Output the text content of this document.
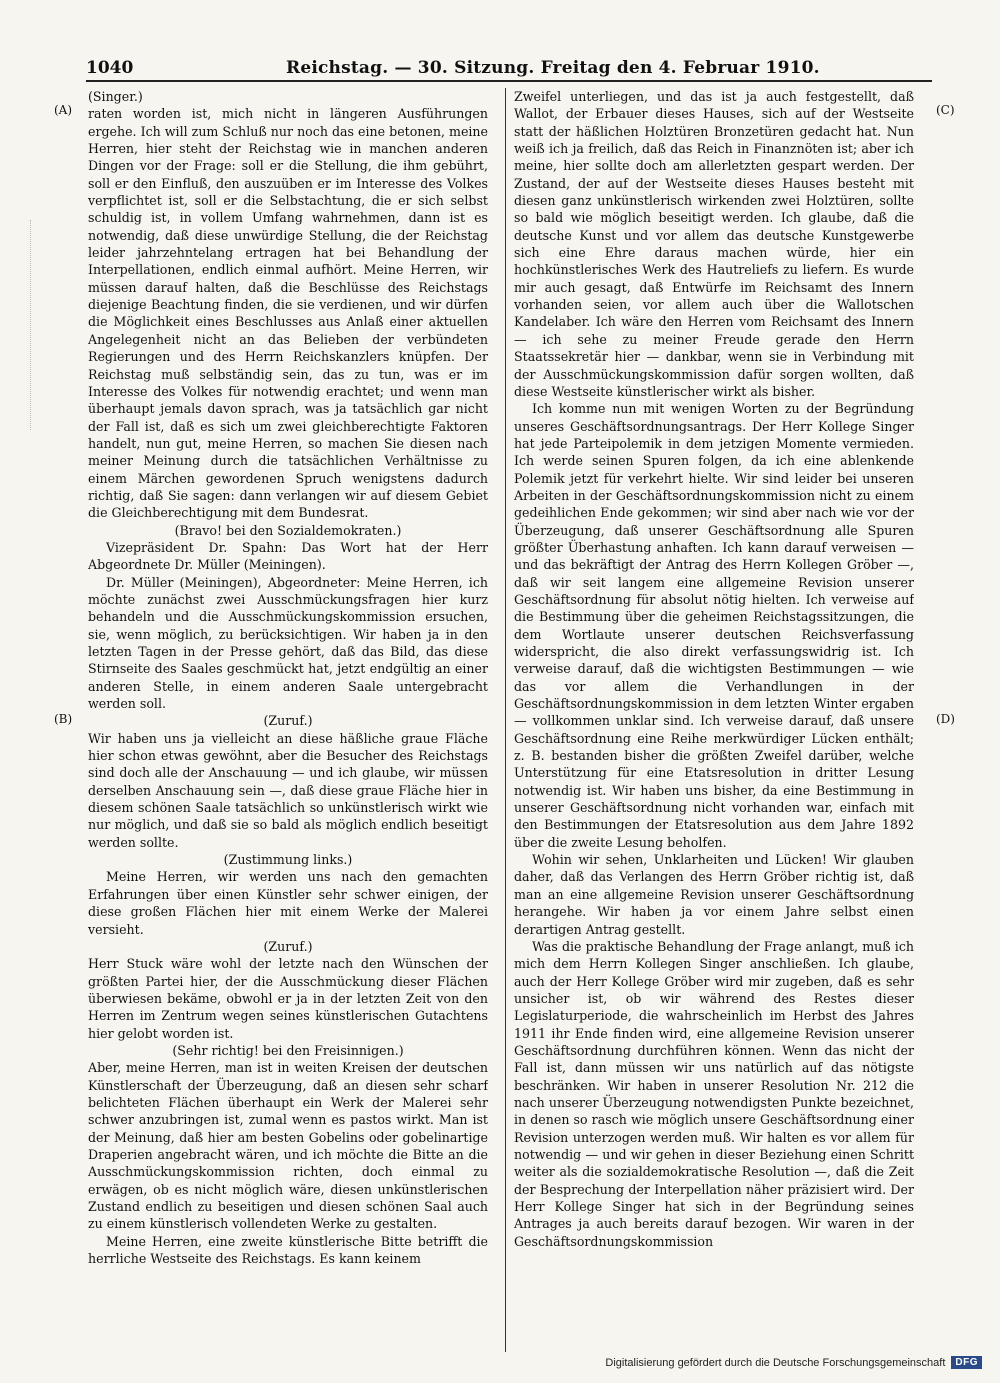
1040	Reichstag. — 30. Sitzung. Freitag den 4. Februar 1910.
(A)
(B)
(C)
(D)

(Singer.)

raten worden ist, mich nicht in längeren Ausführungen ergehe. Ich will zum Schluß nur noch das eine betonen, meine Herren, hier steht der Reichstag wie in manchen anderen Dingen vor der Frage: soll er die Stellung, die ihm gebührt, soll er den Einfluß, den auszuüben er im Interesse des Volkes verpflichtet ist, soll er die Selbstachtung, die er sich selbst schuldig ist, in vollem Umfang wahrnehmen, dann ist es notwendig, daß diese unwürdige Stellung, die der Reichstag leider jahrzehntelang ertragen hat bei Behandlung der Interpellationen, endlich einmal aufhört. Meine Herren, wir müssen darauf halten, daß die Beschlüsse des Reichstags diejenige Beachtung finden, die sie verdienen, und wir dürfen die Möglichkeit eines Beschlusses aus Anlaß einer aktuellen Angelegenheit nicht an das Belieben der verbündeten Regierungen und des Herrn Reichskanzlers knüpfen. Der Reichstag muß selbständig sein, das zu tun, was er im Interesse des Volkes für notwendig erachtet; und wenn man überhaupt jemals davon sprach, was ja tatsächlich gar nicht der Fall ist, daß es sich um zwei gleichberechtigte Faktoren handelt, nun gut, meine Herren, so machen Sie diesen nach meiner Meinung durch die tatsächlichen Verhältnisse zu einem Märchen gewordenen Spruch wenigstens dadurch richtig, daß Sie sagen: dann verlangen wir auf diesem Gebiet die Gleichberechtigung mit dem Bundesrat.

(Bravo! bei den Sozialdemokraten.)

Vizepräsident Dr. Spahn: Das Wort hat der Herr Abgeordnete Dr. Müller (Meiningen).

Dr. Müller (Meiningen), Abgeordneter: Meine Herren, ich möchte zunächst zwei Ausschmückungsfragen hier kurz behandeln und die Ausschmückungskommission ersuchen, sie, wenn möglich, zu berücksichtigen. Wir haben ja in den letzten Tagen in der Presse gehört, daß das Bild, das diese Stirnseite des Saales geschmückt hat, jetzt endgültig an einer anderen Stelle, in einem anderen Saale untergebracht werden soll.

(Zuruf.)

Wir haben uns ja vielleicht an diese häßliche graue Fläche hier schon etwas gewöhnt, aber die Besucher des Reichstags sind doch alle der Anschauung — und ich glaube, wir müssen derselben Anschauung sein —, daß diese graue Fläche hier in diesem schönen Saale tatsächlich so unkünstlerisch wirkt wie nur möglich, und daß sie so bald als möglich endlich beseitigt werden sollte.

(Zustimmung links.)

Meine Herren, wir werden uns nach den gemachten Erfahrungen über einen Künstler sehr schwer einigen, der diese großen Flächen hier mit einem Werke der Malerei versieht.

(Zuruf.)

Herr Stuck wäre wohl der letzte nach den Wünschen der größten Partei hier, der die Ausschmückung dieser Flächen überwiesen bekäme, obwohl er ja in der letzten Zeit von den Herren im Zentrum wegen seines künstlerischen Gutachtens hier gelobt worden ist.

(Sehr richtig! bei den Freisinnigen.)

Aber, meine Herren, man ist in weiten Kreisen der deutschen Künstlerschaft der Überzeugung, daß an diesen sehr scharf belichteten Flächen überhaupt ein Werk der Malerei sehr schwer anzubringen ist, zumal wenn es pastos wirkt. Man ist der Meinung, daß hier am besten Gobelins oder gobelinartige Draperien angebracht wären, und ich möchte die Bitte an die Ausschmückungskommission richten, doch einmal zu erwägen, ob es nicht möglich wäre, diesen unkünstlerischen Zustand endlich zu beseitigen und diesen schönen Saal auch zu einem künstlerisch vollendeten Werke zu gestalten.

Meine Herren, eine zweite künstlerische Bitte betrifft die herrliche Westseite des Reichstags. Es kann keinem

Zweifel unterliegen, und das ist ja auch festgestellt, daß Wallot, der Erbauer dieses Hauses, sich auf der Westseite statt der häßlichen Holztüren Bronzetüren gedacht hat. Nun weiß ich ja freilich, daß das Reich in Finanznöten ist; aber ich meine, hier sollte doch am allerletzten gespart werden. Der Zustand, der auf der Westseite dieses Hauses besteht mit diesen ganz unkünstlerisch wirkenden zwei Holztüren, sollte so bald wie möglich beseitigt werden. Ich glaube, daß die deutsche Kunst und vor allem das deutsche Kunstgewerbe sich eine Ehre daraus machen würde, hier ein hochkünstlerisches Werk des Hautreliefs zu liefern. Es wurde mir auch gesagt, daß Entwürfe im Reichsamt des Innern vorhanden seien, vor allem auch über die Wallotschen Kandelaber. Ich wäre den Herren vom Reichsamt des Innern — ich sehe zu meiner Freude gerade den Herrn Staatssekretär hier — dankbar, wenn sie in Verbindung mit der Ausschmückungskommission dafür sorgen wollten, daß diese Westseite künstlerischer wirkt als bisher.

Ich komme nun mit wenigen Worten zu der Begründung unseres Geschäftsordnungsantrags. Der Herr Kollege Singer hat jede Parteipolemik in dem jetzigen Momente vermieden. Ich werde seinen Spuren folgen, da ich eine ablenkende Polemik jetzt für verkehrt hielte. Wir sind leider bei unseren Arbeiten in der Geschäftsordnungskommission nicht zu einem gedeihlichen Ende gekommen; wir sind aber nach wie vor der Überzeugung, daß unserer Geschäftsordnung alle Spuren größter Überhastung anhaften. Ich kann darauf verweisen — und das bekräftigt der Antrag des Herrn Kollegen Gröber —, daß wir seit langem eine allgemeine Revision unserer Geschäftsordnung für absolut nötig hielten. Ich verweise auf die Bestimmung über die geheimen Reichstagssitzungen, die dem Wortlaute unserer deutschen Reichsverfassung widerspricht, die also direkt verfassungswidrig ist. Ich verweise darauf, daß die wichtigsten Bestimmungen — wie das vor allem die Verhandlungen in der Geschäftsordnungskommission in dem letzten Winter ergaben — vollkommen unklar sind. Ich verweise darauf, daß unsere Geschäftsordnung eine Reihe merkwürdiger Lücken enthält; z. B. bestanden bisher die größten Zweifel darüber, welche Unterstützung für eine Etatsresolution in dritter Lesung notwendig ist. Wir haben uns bisher, da eine Bestimmung in unserer Geschäftsordnung nicht vorhanden war, einfach mit den Bestimmungen der Etatsresolution aus dem Jahre 1892 über die zweite Lesung beholfen.

Wohin wir sehen, Unklarheiten und Lücken! Wir glauben daher, daß das Verlangen des Herrn Gröber richtig ist, daß man an eine allgemeine Revision unserer Geschäftsordnung herangehe. Wir haben ja vor einem Jahre selbst einen derartigen Antrag gestellt.

Was die praktische Behandlung der Frage anlangt, muß ich mich dem Herrn Kollegen Singer anschließen. Ich glaube, auch der Herr Kollege Gröber wird mir zugeben, daß es sehr unsicher ist, ob wir während des Restes dieser Legislaturperiode, die wahrscheinlich im Herbst des Jahres 1911 ihr Ende finden wird, eine allgemeine Revision unserer Geschäftsordnung durchführen können. Wenn das nicht der Fall ist, dann müssen wir uns natürlich auf das nötigste beschränken. Wir haben in unserer Resolution Nr. 212 die nach unserer Überzeugung notwendigsten Punkte bezeichnet, in denen so rasch wie möglich unsere Geschäftsordnung einer Revision unterzogen werden muß. Wir halten es vor allem für notwendig — und wir gehen in dieser Beziehung einen Schritt weiter als die sozialdemokratische Resolution —, daß die Zeit der Besprechung der Interpellation näher präzisiert wird. Der Herr Kollege Singer hat sich in der Begründung seines Antrages ja auch bereits darauf bezogen. Wir waren in der Geschäftsordnungskommission

Digitalisierung gefördert durch die Deutsche Forschungsgemeinschaft	DFG
